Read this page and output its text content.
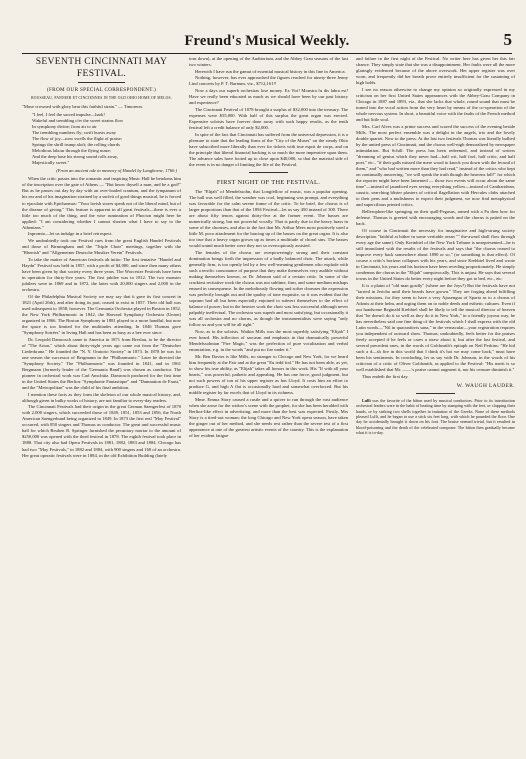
Freund's Musical Weekly.	5
SEVENTH CINCINNATI MAY FESTIVAL.
(FROM OUR SPECIAL CORRESPONDENT.)
ROUSSEAU, PANNIER ET CINCIENNES IN THE OLD OHIO HOME OF MELOS.

"Muse crowned with glory bear this faithful strain." — Timoreon.

"I feel, I feel the sacred impulse—hark!
Wakeful and trembling o'er the sweet strains flow
In symphony divine; from air to air
The trembling numbers fly; swift bursts away
The flow of joy—now swells the flight of praise;
Springs the shrill trump aloft; the rolling chords
Melodious labour through the flying maze;
And the deep base his strong sound rolls away,
Majestically sweet."
(From an ancient ode in memory of Handel by Langhorne, 1760.)

When the critic passes into the romantic and inspiring Music Hall he betokens him of the inscription over the gate of Athens — "But know thyself a man, and be a god!" But as he passes out day by day with an over-loaded cranium, and the tympanum of his ear and of his imagination strained by a surfeit of good things musical, he is forced to ejaculate with Epicharmus: "Your lavish stores speak not of the liberal mind, but of the disease of giving." This feature is apparent in all great festivals—there is ever a little too much of the thing, and the wise rumination of Phocion might here be applied: "I am considering whether I cannot shorten what I have to say to the Athenians."

Inpromto—let us indulge in a brief retrospect.

We undoubtedly took our Festival cues from the great English Handel Festivals and those of Birmingham and the "Triple Choir" meetings, together with the "Rhenish" and "Allgemeiner Deutsche Musiker Verein" Festivals.

To take the matter of American festivals ab initio: The first tentative "Handel and Haydn" Festival was held in 1857, with a profit of $4,000, and since then many others have been given by that society every three years. The Worcester Festivals have been in operation for thirty-five years. The first jubilee was in 1812. The two monster jubilees were in 1869 and in 1872, the latter with 20,000 singers and 2,000 in the orchestra.

Of the Philadelphia Musical Society we may say that it gave its first concert in 1821 (April 26th), and after doing its part, ceased to exist in 1857. Their old hall was used subsequent to 1858, however. The Germania Orchestra played in Boston in 1852, the New York Philharmonic in 1842, the Harvard Symphony Orchestra (Union) organized in 1866. The Boston Symphony in 1881 played to a more handful, but now the space is too limited for the multitudes attending. In 1846 Thomas gave "Symphony Soirées" in Irving Hall and has been as busy as a bee ever since.

Dr. Leopold Damrosch came to America in 1871 from Breslau, to be the director of "The Arion," which about thirty-eight years ago came out from the "Deutscher Liederkranz." He founded the "N. Y. Oratorio Society" in 1873. In 1878 he was for one season the successor of Bergmann in the "Philharmonic." Later he directed the "Symphony Society." The "Philharmonic" was founded in 1841, and in 1861 Bergmann (formerly leader of the 'Germania Band') was chosen as conductor. The pioneer in orchestral work was Carl Anschütz. Damrosch produced for the first time in the United States the Berlioz "Symphonie Fantastique" and "Damnation de Faust," and the "Metropolitan" was the child of his final ambition.

I mention these facts as they form the skeleton of our whole musical history, and, although given in bulky works of history, are not familiar to every-day readers.

The Cincinnati Festivals had their origin in the great German Saengerfest of 1870 with 2,000 singers, which succeeded those of 1849, 1851, 1853 and 1856, the North American Saengerbund being organized in 1849. In 1873 the first real "May Festival" occurred, with 850 singers and Thomas as conductor. The great and successful music hall for which Reuben R. Springer furnished the pecuniary mortar to the amount of $250,000 was opened with the third festival in 1878. The eighth festival took place in 1888. That city also had Opera Festivals in 1881, 1882, 1883 and 1884. Chicago has had two "May Festivals," in 1882 and 1884, with 900 singers and 160 of an orchestra. Her great operatic festivals were in 1884, in the old Exhibition Building (lately

torn down), at the opening of the Auditorium, and the Abbey Grau seasons of the last two winters.

Herewith I have run the gamut of essential musical history in this line in America.

Nothing, however, has ever approached the figures reached for ninety-three Jenny Lind concerts by P. T. Barnum, viz., $712,161!!

Now a days our superb orchestras lose money. Ex Viri! Monstra fu dis labra est! Have we really been educated as much as we should have been by our past history and experience?

The Cincinnati Festival of 1878 brought a surplus of $32,000 into the treasury. The expenses were $55,000. With half of this surplus the great organ was erected. Expensive soloists have forever done away with such happy results, as the tenth festival left a credit balance of only $2,000.

In spite of the fact that Cincinnati has suffered from the universal depression, it is a pleasure to state that the leading firms of the "City of the Muses" on the steady Ohio have subscribed more liberally than ever for tickets with true esprit de corps, and on the principle that liberal financial backing is so much the more imperative upon them. The advance sales have footed up to close upon $40,000, so that the material side of the event is in no danger of limiting the life of the Festival.

FIRST NIGHT OF THE FESTIVAL.

The "Elijah" of Mendelssohn, that Longfellow of music, was a popular opening. The hall was well filled, the weather was cool, beginning was prompt, and everything was favorable for the calm serene frame of the critic. To be brief, the chorus is of larger proportions than that of the 1894 Festival—let us say 450 instead of 300. There are about fifty tenors against thirty-five at the former event. The basses are numerically strong, but not powerful vocally. That is partly due to the heavy brass in some of the choruses, and also to the fact that Mr. Arthur Mees most positively used a little M. poco attachment for the bracing up of the basses on the great organ. It is also too true that a heavy organ grown up as times a multitude of choral sins. The basses would sound much better were they not so overcopiously assisted.

The females of the chorus are overpoweringly strong and their constant domination brings forth the impression of a badly balanced choir. The attack, while generally firm, is too openly led by a few well-meaning gentlemen who explode with such a terrific consonance of purpose that they make themselves very audible without making themselves known, as Dr. Johnson said of a certain critic. In some of the crackiest recitative work the chorus was not sublime, firm, and some medium mishaps ensued in consequence. In the melodiously flowing and softer choruses the expression was perfectly brought out and the quality of tone exquisite, so it was evident that the soprano had all but been especially enjoined to subvert themselves to the effect of balance of power; but in the heavier work the choir was less successful although never palpably ineffectual. The orchestra was superb and most satisfying, but occasionally it was all orchestra and no chorus, as though the instrumentalists were saying "only follow us and you will be all right."

Now, as to the soloists. Watkin Mills was the most superbly satisfying "Elijah" I ever heard. His inflection of sarcasm and emphasis in that dramatically powerful Mendelssohnian "Fire Magic," was the perfection of pure vocalization and verbal enunciation, e.g. in the words "and put no fire under it."

Mr. Ben Davies is like Mills, no stranger to Chicago and New York, for we heard him frequently at the Fair and at the great "Eu tedd fod." He has not been able, as yet, to show his true ability, as "Elijah" takes all honors in this work. His "If with all your hearts," was powerful, pathetic and appealing. He has one force, good judgment, but not such powers of ton of his upper register as has Lloyd. It costs him an effort to produce G, and high A flat is occasionally hard and somewhat overforced. But his middle register by far excels that of Lloyd in its richness.

Mme. Emma Story caused a rustle and a quiver to run through the vast audience when she arose for the widow's scene with the prophet, for she has been heralded with Berlioz-like effect in advertising, and more than the best was expected. Firstly, Mrs Story is a tired-out woman; the long Chicago and New York opera season, have taken the ginger out of her method, and she needs rest rather than the severe test of a first appearance at one of the greatest artistic events of the country. This is the explanation of her evident fatigue

and failure in the first night of the Festival. No writer here has given her this fair chance. They simply state that she was a disappointment. Her faults were all the more glaringly evidenced because of the above overwork. Her upper register was over worn, and frequently did her breath prove entirely insufficient for the sustaining of high holds.

I see no reason otherwise to change my opinion so originally expressed in my criticism on her first United States appearances with the Abbey-Grau Company in Chicago in 1887 and 1893, viz., that she lacks that whole, round sound that must be turned into the vocal action from the very heart by means of the co-operation of the whole nervous system. In short, a beautiful voice with the faults of the French method and but little soul.

Mrs. Carl Alves was a prime success and scored the success of the evening beside Mills. The most perfect ensemble was a delight in the angels, trio and the lovely double quartet. Now to the press. At the last two festivals Thomas was literally bullied by the united press of Cincinnati, and the chorus well-nigh demoralized by newspaper intimidation. But Schill. The press has been redeemed, and instead of writers "dreaming of genius which they never had—half wit, half fool, half critic, and half poet," etc., "if their galls missed the mere wood to knock you down with the fecund of them," and "who had written more than they had read," instead of the critics who kept on continually answering, "we will speak the truth though the heavens fall!" for which the reporter might have been lamented — those two events will occur about the same time"—instead of jaundiced eyes seeing everything yellow—instead of Cantharidean, caustic, searching blister plasters of critical flagellation with Hercules clubs attached to their pens and a mulishness to expect their judgment, we now find metaphysical and supercilious printed critics.

Bellerophon-like springing on their quill-Pegasus, armed with a Pa then bow for defense. Thomas is greeted with encouraging words and the chorus is patted on the back.

Of course in Cincinnati the necessity for imaginative and high-strung society description "faithful at hither in some veritable avian "" the-award shall flow through every age the same). Only Kreinbiel of the New York Tribune is unrepresented—he is still immolated with the results of the festivals and says that "the chorus ceased to improve every back somewhere about 1890 or so," (or something to that effect). Of course a critic's horizon collapses with his years, and since Krehbiel lived and wrote in Cincinnati, his years and his horizon have been receding proportionately. He simply condemns the chorus in the "Elijah" unequivocally. This is unjust. He says that several towns in the United States do better every night before they got to bed, etc., etc.

It is a plaint of "old man gosdly" (where are the Joys?) But the festivals have not "tarried in Jericho until their beards have grown." They are forging ahead fulfilling their missions, for they seem to have a very Ajaxengua of Sparta as to a chorus of Adonis at their helm, and urging them on to noble deeds and esthetic cultures. Even if our handsome Reginald Krehbiel shall be likely to tell the musical director of heaven that "he doesn't do it so well as they do it in New York," in a friendly joyous way, he has nevertheless said one fine thing of the festivals which I shall express with the old Latin words—"Nil in quacunitivis sana," in the vernacular—your registration requires you independent of outward show. Thomas, undoubtedly, feels better for the praises freely accepted if he feels or cares a straw about it, but after the last festival, and several precedent ones, in the words of Goldsmith's epitaph on Neil Perkins: "He hid such a d—sh fire in this world that I think it's hot we may come back," must have been his sentiments. In concluding, let us say with Dr. Johnson, in the words of his criticism of a critic of Oliver Goldsmith, as applied to the Festival: "His merit is so well established that Mr. ——'s praise cannot augment it, nor his censure diminish it."

Thus endeth the first day.

W. WAUGH LAUDER.

Lulli was the favorite of the bâton used by musical conductors. Prior to its introduction orchestral leaders were in the habit of beating time by stamping with the feet, or clapping their hands, or by striking two shells together in imitation of the Greeks. None of these methods pleased Lulli, and he began to use a stick six feet long, with which he pounded the floor. One day he accidentally brought it down on his foot. The bruise seemed trivial, but it resulted in blood-poisoning and the death of the celebrated composer. The bâton then gradually became what it is to-day.
